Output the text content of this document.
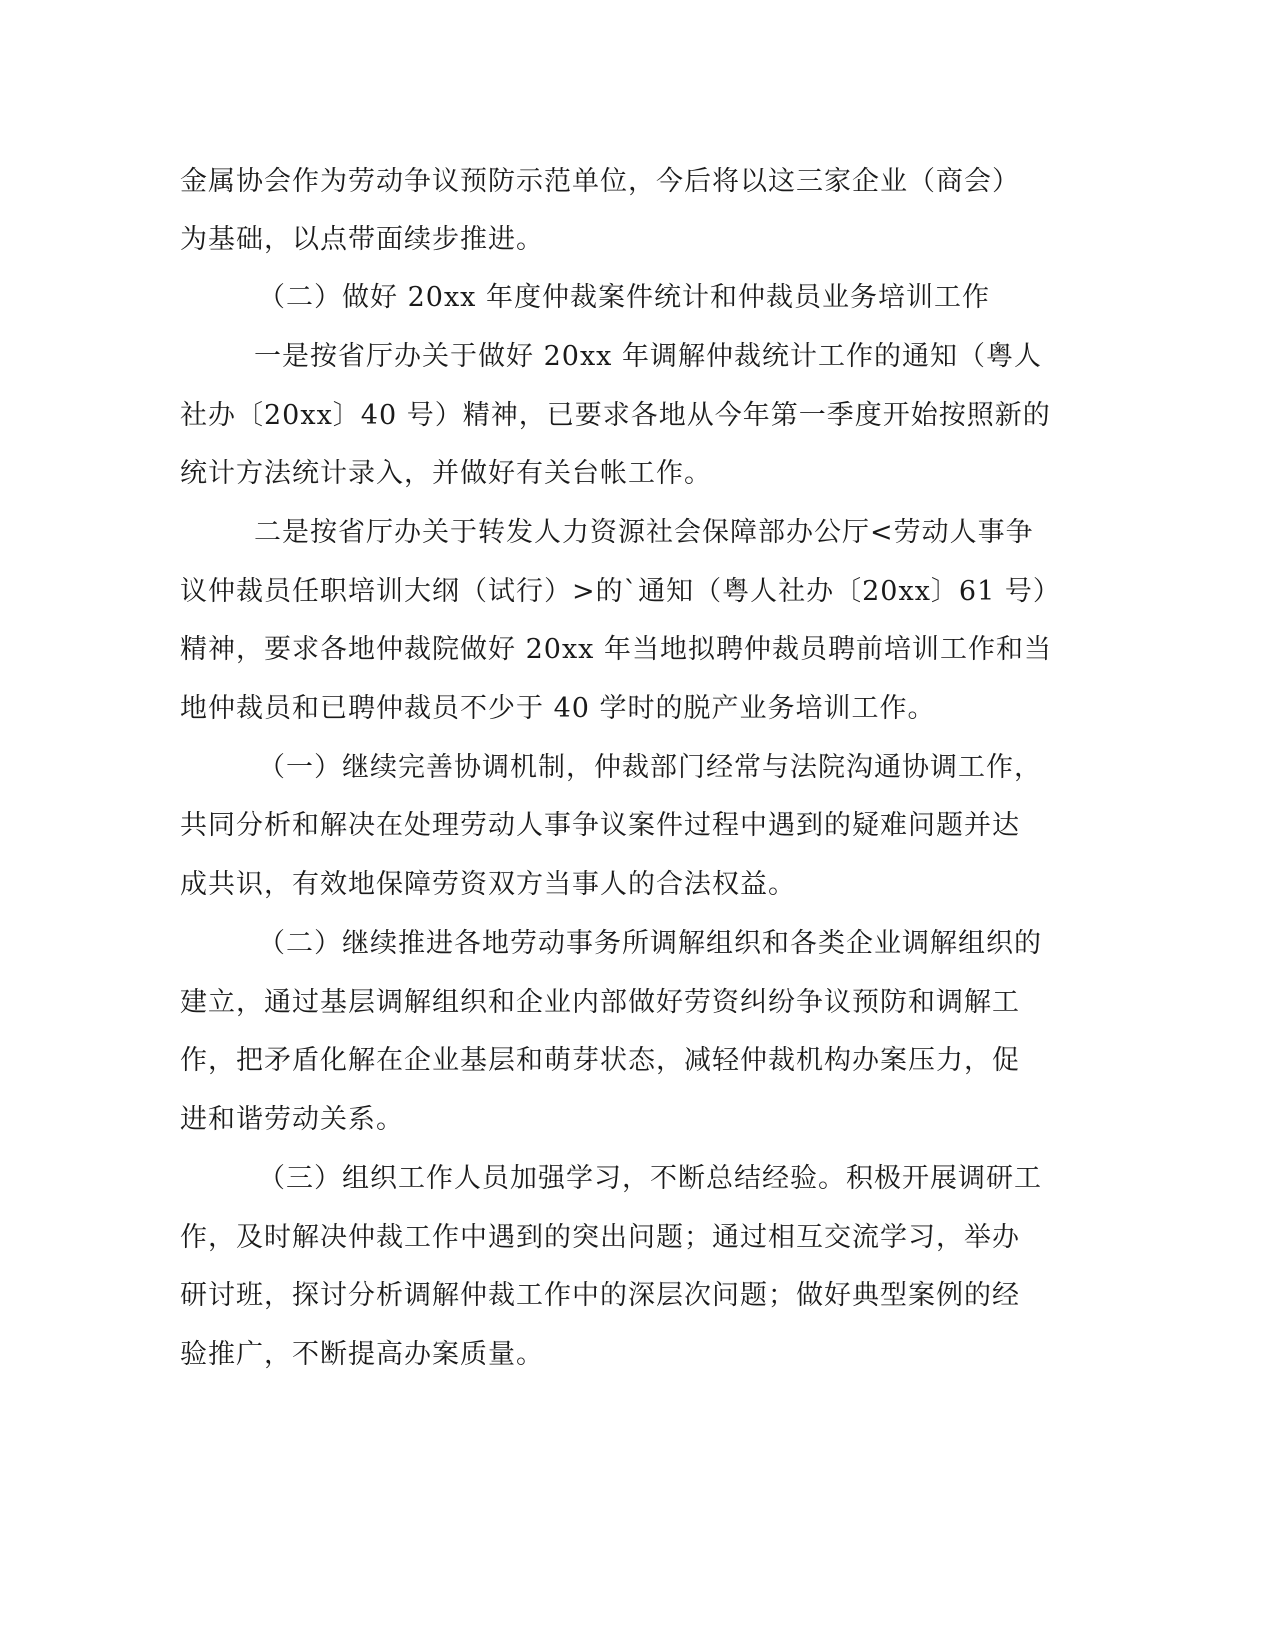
金属协会作为劳动争议预防示范单位，今后将以这三家企业（商会）
为基础，以点带面续步推进。
（二）做好 20xx 年度仲裁案件统计和仲裁员业务培训工作
一是按省厅办关于做好 20xx 年调解仲裁统计工作的通知（粤人
社办〔20xx〕40 号）精神，已要求各地从今年第一季度开始按照新的
统计方法统计录入，并做好有关台帐工作。
二是按省厅办关于转发人力资源社会保障部办公厅<劳动人事争
议仲裁员任职培训大纲（试行）>的`通知（粤人社办〔20xx〕61 号）
精神，要求各地仲裁院做好 20xx 年当地拟聘仲裁员聘前培训工作和当
地仲裁员和已聘仲裁员不少于 40 学时的脱产业务培训工作。
（一）继续完善协调机制，仲裁部门经常与法院沟通协调工作，
共同分析和解决在处理劳动人事争议案件过程中遇到的疑难问题并达
成共识，有效地保障劳资双方当事人的合法权益。
（二）继续推进各地劳动事务所调解组织和各类企业调解组织的
建立，通过基层调解组织和企业内部做好劳资纠纷争议预防和调解工
作，把矛盾化解在企业基层和萌芽状态，减轻仲裁机构办案压力，促
进和谐劳动关系。
（三）组织工作人员加强学习，不断总结经验。积极开展调研工
作，及时解决仲裁工作中遇到的突出问题；通过相互交流学习，举办
研讨班，探讨分析调解仲裁工作中的深层次问题；做好典型案例的经
验推广，不断提高办案质量。
